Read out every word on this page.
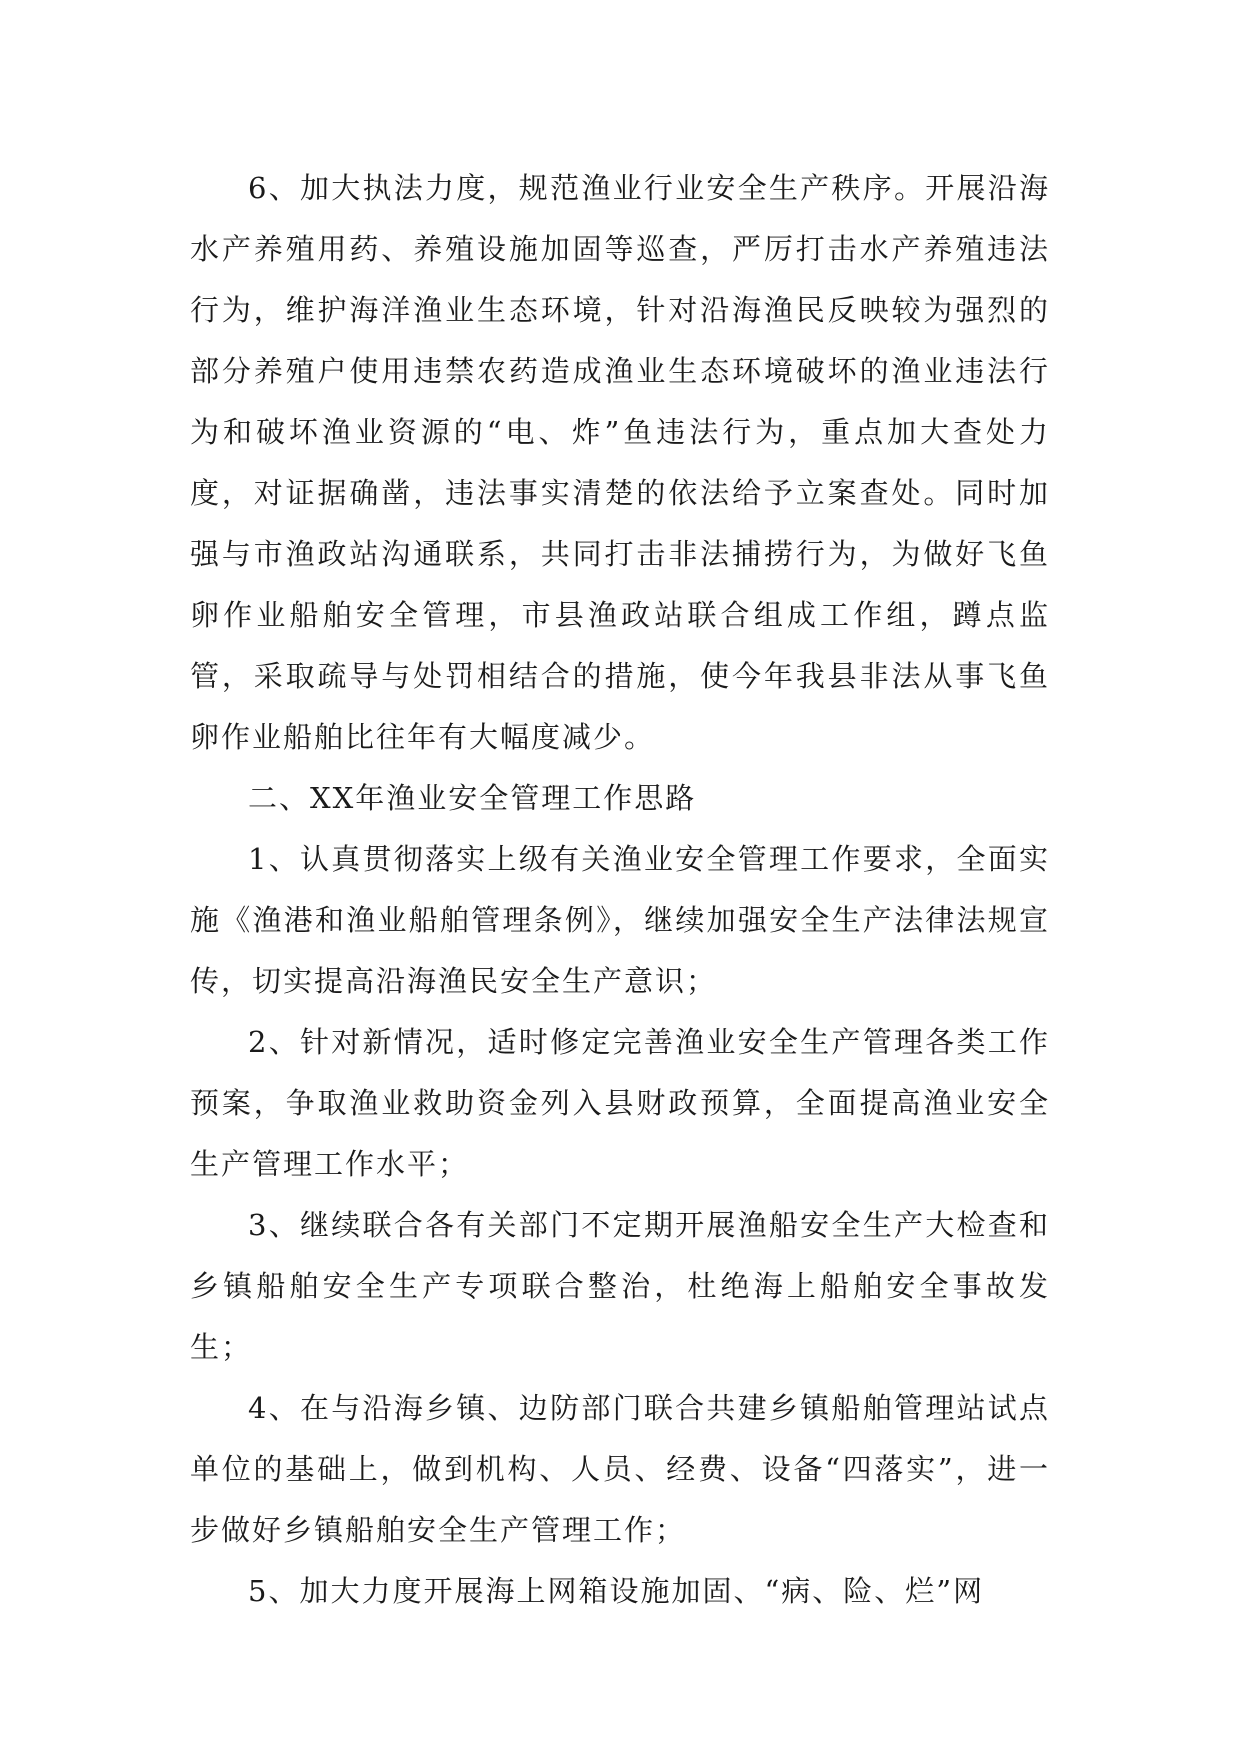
6、加大执法力度，规范渔业行业安全生产秩序。开展沿海水产养殖用药、养殖设施加固等巡查，严厉打击水产养殖违法行为，维护海洋渔业生态环境，针对沿海渔民反映较为强烈的部分养殖户使用违禁农药造成渔业生态环境破坏的渔业违法行为和破坏渔业资源的“电、炸”鱼违法行为，重点加大查处力度，对证据确凿，违法事实清楚的依法给予立案查处。同时加强与市渔政站沟通联系，共同打击非法捕捞行为，为做好飞鱼卵作业船舶安全管理，市县渔政站联合组成工作组，蹲点监管，采取疏导与处罚相结合的措施，使今年我县非法从事飞鱼卵作业船舶比往年有大幅度减少。

二、XX年渔业安全管理工作思路

1、认真贯彻落实上级有关渔业安全管理工作要求，全面实施《渔港和渔业船舶管理条例》，继续加强安全生产法律法规宣传，切实提高沿海渔民安全生产意识；

2、针对新情况，适时修定完善渔业安全生产管理各类工作预案，争取渔业救助资金列入县财政预算，全面提高渔业安全生产管理工作水平；

3、继续联合各有关部门不定期开展渔船安全生产大检查和乡镇船舶安全生产专项联合整治，杜绝海上船舶安全事故发生；

4、在与沿海乡镇、边防部门联合共建乡镇船舶管理站试点单位的基础上，做到机构、人员、经费、设备“四落实”，进一步做好乡镇船舶安全生产管理工作；

5、加大力度开展海上网箱设施加固、“病、险、烂”网
